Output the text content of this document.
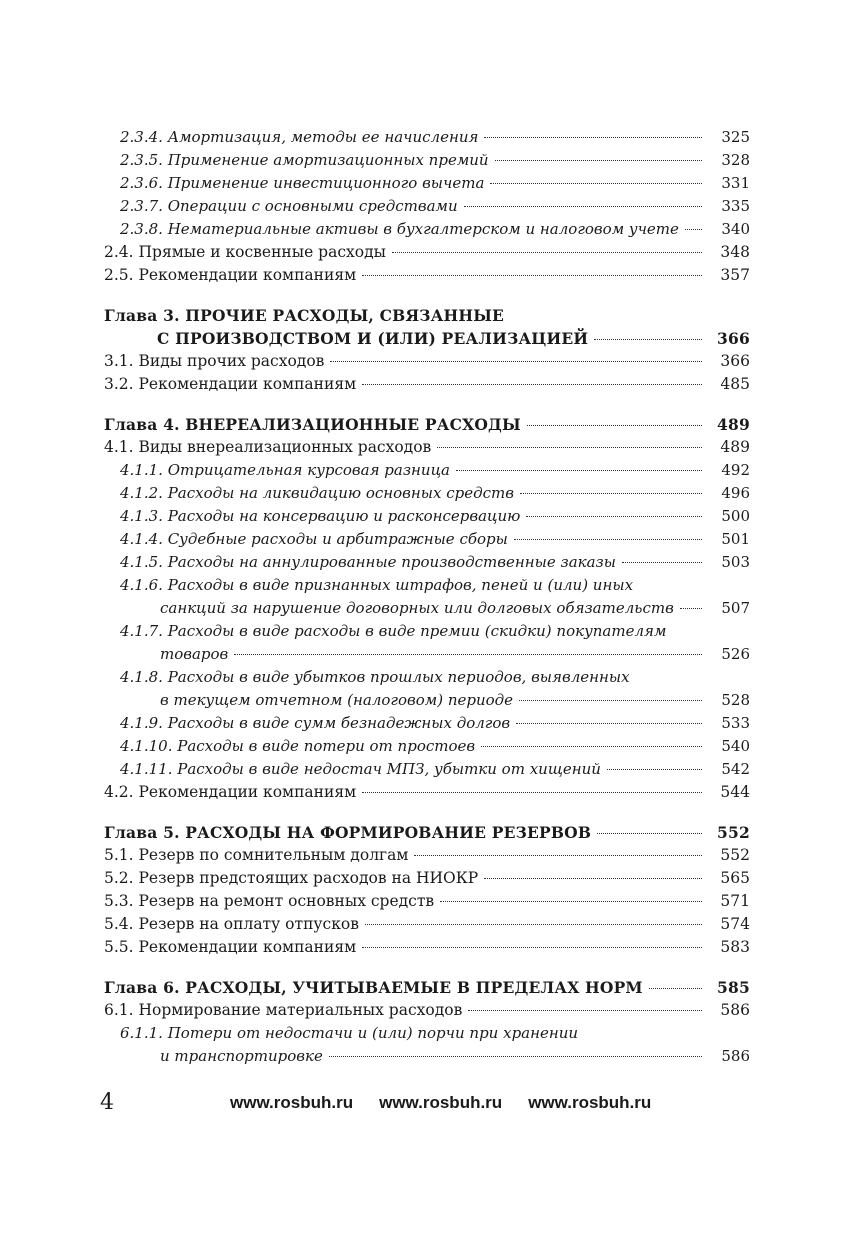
2.3.4. Амортизация, методы ее начисления	325
2.3.5. Применение амортизационных премий	328
2.3.6. Применение инвестиционного вычета	331
2.3.7. Операции с основными средствами	335
2.3.8. Нематериальные активы в бухгалтерском и налоговом учете	340
2.4. Прямые и косвенные расходы	348
2.5. Рекомендации компаниям	357
Глава 3. ПРОЧИЕ РАСХОДЫ, СВЯЗАННЫЕ
С ПРОИЗВОДСТВОМ И (ИЛИ) РЕАЛИЗАЦИЕЙ	366
3.1. Виды прочих расходов	366
3.2. Рекомендации компаниям	485
Глава 4. ВНЕРЕАЛИЗАЦИОННЫЕ РАСХОДЫ	489
4.1. Виды внереализационных расходов	489
4.1.1. Отрицательная курсовая разница	492
4.1.2. Расходы на ликвидацию основных средств	496
4.1.3. Расходы на консервацию и расконсервацию	500
4.1.4. Судебные расходы и арбитражные сборы	501
4.1.5. Расходы на аннулированные производственные заказы	503
4.1.6. Расходы в виде признанных штрафов, пеней и (или) иных
санкций за нарушение договорных или долговых обязательств	507
4.1.7. Расходы в виде расходы в виде премии (скидки) покупателям
товаров	526
4.1.8. Расходы в виде убытков прошлых периодов, выявленных
в текущем отчетном (налоговом) периоде	528
4.1.9. Расходы в виде сумм безнадежных долгов	533
4.1.10. Расходы в виде потери от простоев	540
4.1.11. Расходы в виде недостач МПЗ, убытки от хищений	542
4.2. Рекомендации компаниям	544
Глава 5. РАСХОДЫ НА ФОРМИРОВАНИЕ РЕЗЕРВОВ	552
5.1. Резерв по сомнительным долгам	552
5.2. Резерв предстоящих расходов на НИОКР	565
5.3. Резерв на ремонт основных средств	571
5.4. Резерв на оплату отпусков	574
5.5. Рекомендации компаниям	583
Глава 6. РАСХОДЫ, УЧИТЫВАЕМЫЕ В ПРЕДЕЛАХ НОРМ	585
6.1. Нормирование материальных расходов	586
6.1.1. Потери от недостачи и (или) порчи при хранении
и транспортировке	586
4	www.rosbuh.ru www.rosbuh.ru www.rosbuh.ru
